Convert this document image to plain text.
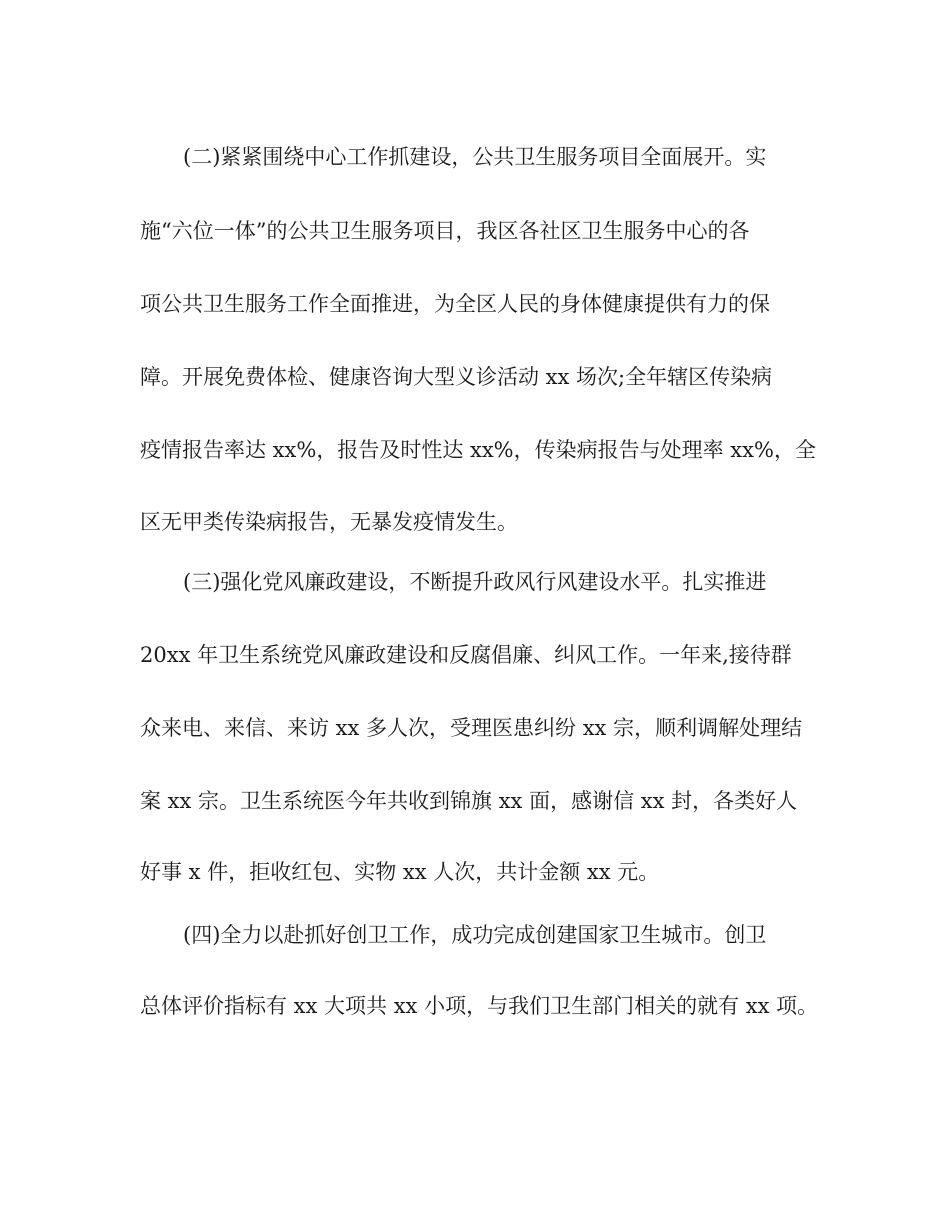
(二)紧紧围绕中心工作抓建设，公共卫生服务项目全面展开。实
施“六位一体”的公共卫生服务项目，我区各社区卫生服务中心的各
项公共卫生服务工作全面推进，为全区人民的身体健康提供有力的保
障。开展免费体检、健康咨询大型义诊活动 xx 场次;全年辖区传染病
疫情报告率达 xx%，报告及时性达 xx%，传染病报告与处理率 xx%，全
区无甲类传染病报告，无暴发疫情发生。
(三)强化党风廉政建设，不断提升政风行风建设水平。扎实推进
20xx 年卫生系统党风廉政建设和反腐倡廉、纠风工作。一年来,接待群
众来电、来信、来访 xx 多人次，受理医患纠纷 xx 宗，顺利调解处理结
案 xx 宗。卫生系统医今年共收到锦旗 xx 面，感谢信 xx 封，各类好人
好事 x 件，拒收红包、实物 xx 人次，共计金额 xx 元。
(四)全力以赴抓好创卫工作，成功完成创建国家卫生城市。创卫
总体评价指标有 xx 大项共 xx 小项，与我们卫生部门相关的就有 xx 项。
